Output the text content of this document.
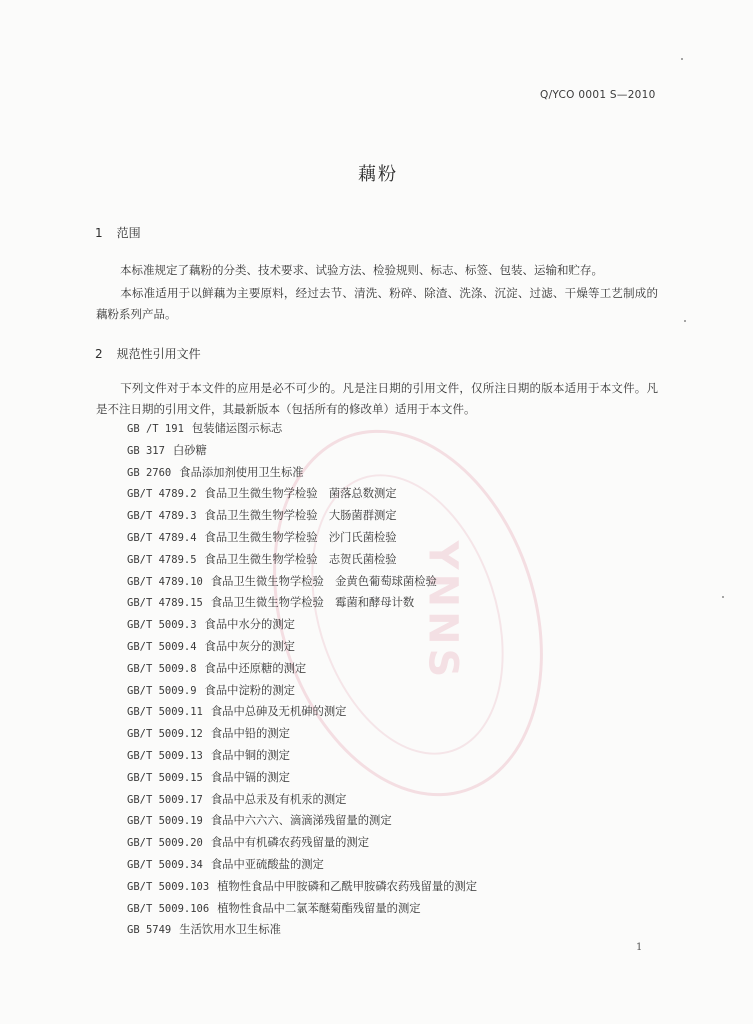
YNNS
Q/YCO 0001 S—2010
藕粉
1 范围
本标准规定了藕粉的分类、技术要求、试验方法、检验规则、标志、标签、包装、运输和贮存。
本标准适用于以鲜藕为主要原料，经过去节、清洗、粉碎、除渣、洗涤、沉淀、过滤、干燥等工艺制成的藕粉系列产品。
2 规范性引用文件
下列文件对于本文件的应用是必不可少的。凡是注日期的引用文件，仅所注日期的版本适用于本文件。凡是不注日期的引用文件，其最新版本（包括所有的修改单）适用于本文件。
GB /T 191 包装储运图示标志
GB 317 白砂糖
GB 2760 食品添加剂使用卫生标准
GB/T 4789.2 食品卫生微生物学检验　菌落总数测定
GB/T 4789.3 食品卫生微生物学检验　大肠菌群测定
GB/T 4789.4 食品卫生微生物学检验　沙门氏菌检验
GB/T 4789.5 食品卫生微生物学检验　志贺氏菌检验
GB/T 4789.10 食品卫生微生物学检验　金黄色葡萄球菌检验
GB/T 4789.15 食品卫生微生物学检验　霉菌和酵母计数
GB/T 5009.3 食品中水分的测定
GB/T 5009.4 食品中灰分的测定
GB/T 5009.8 食品中还原糖的测定
GB/T 5009.9 食品中淀粉的测定
GB/T 5009.11 食品中总砷及无机砷的测定
GB/T 5009.12 食品中铅的测定
GB/T 5009.13 食品中铜的测定
GB/T 5009.15 食品中镉的测定
GB/T 5009.17 食品中总汞及有机汞的测定
GB/T 5009.19 食品中六六六、滴滴涕残留量的测定
GB/T 5009.20 食品中有机磷农药残留量的测定
GB/T 5009.34 食品中亚硫酸盐的测定
GB/T 5009.103 植物性食品中甲胺磷和乙酰甲胺磷农药残留量的测定
GB/T 5009.106 植物性食品中二氯苯醚菊酯残留量的测定
GB 5749 生活饮用水卫生标准
1
